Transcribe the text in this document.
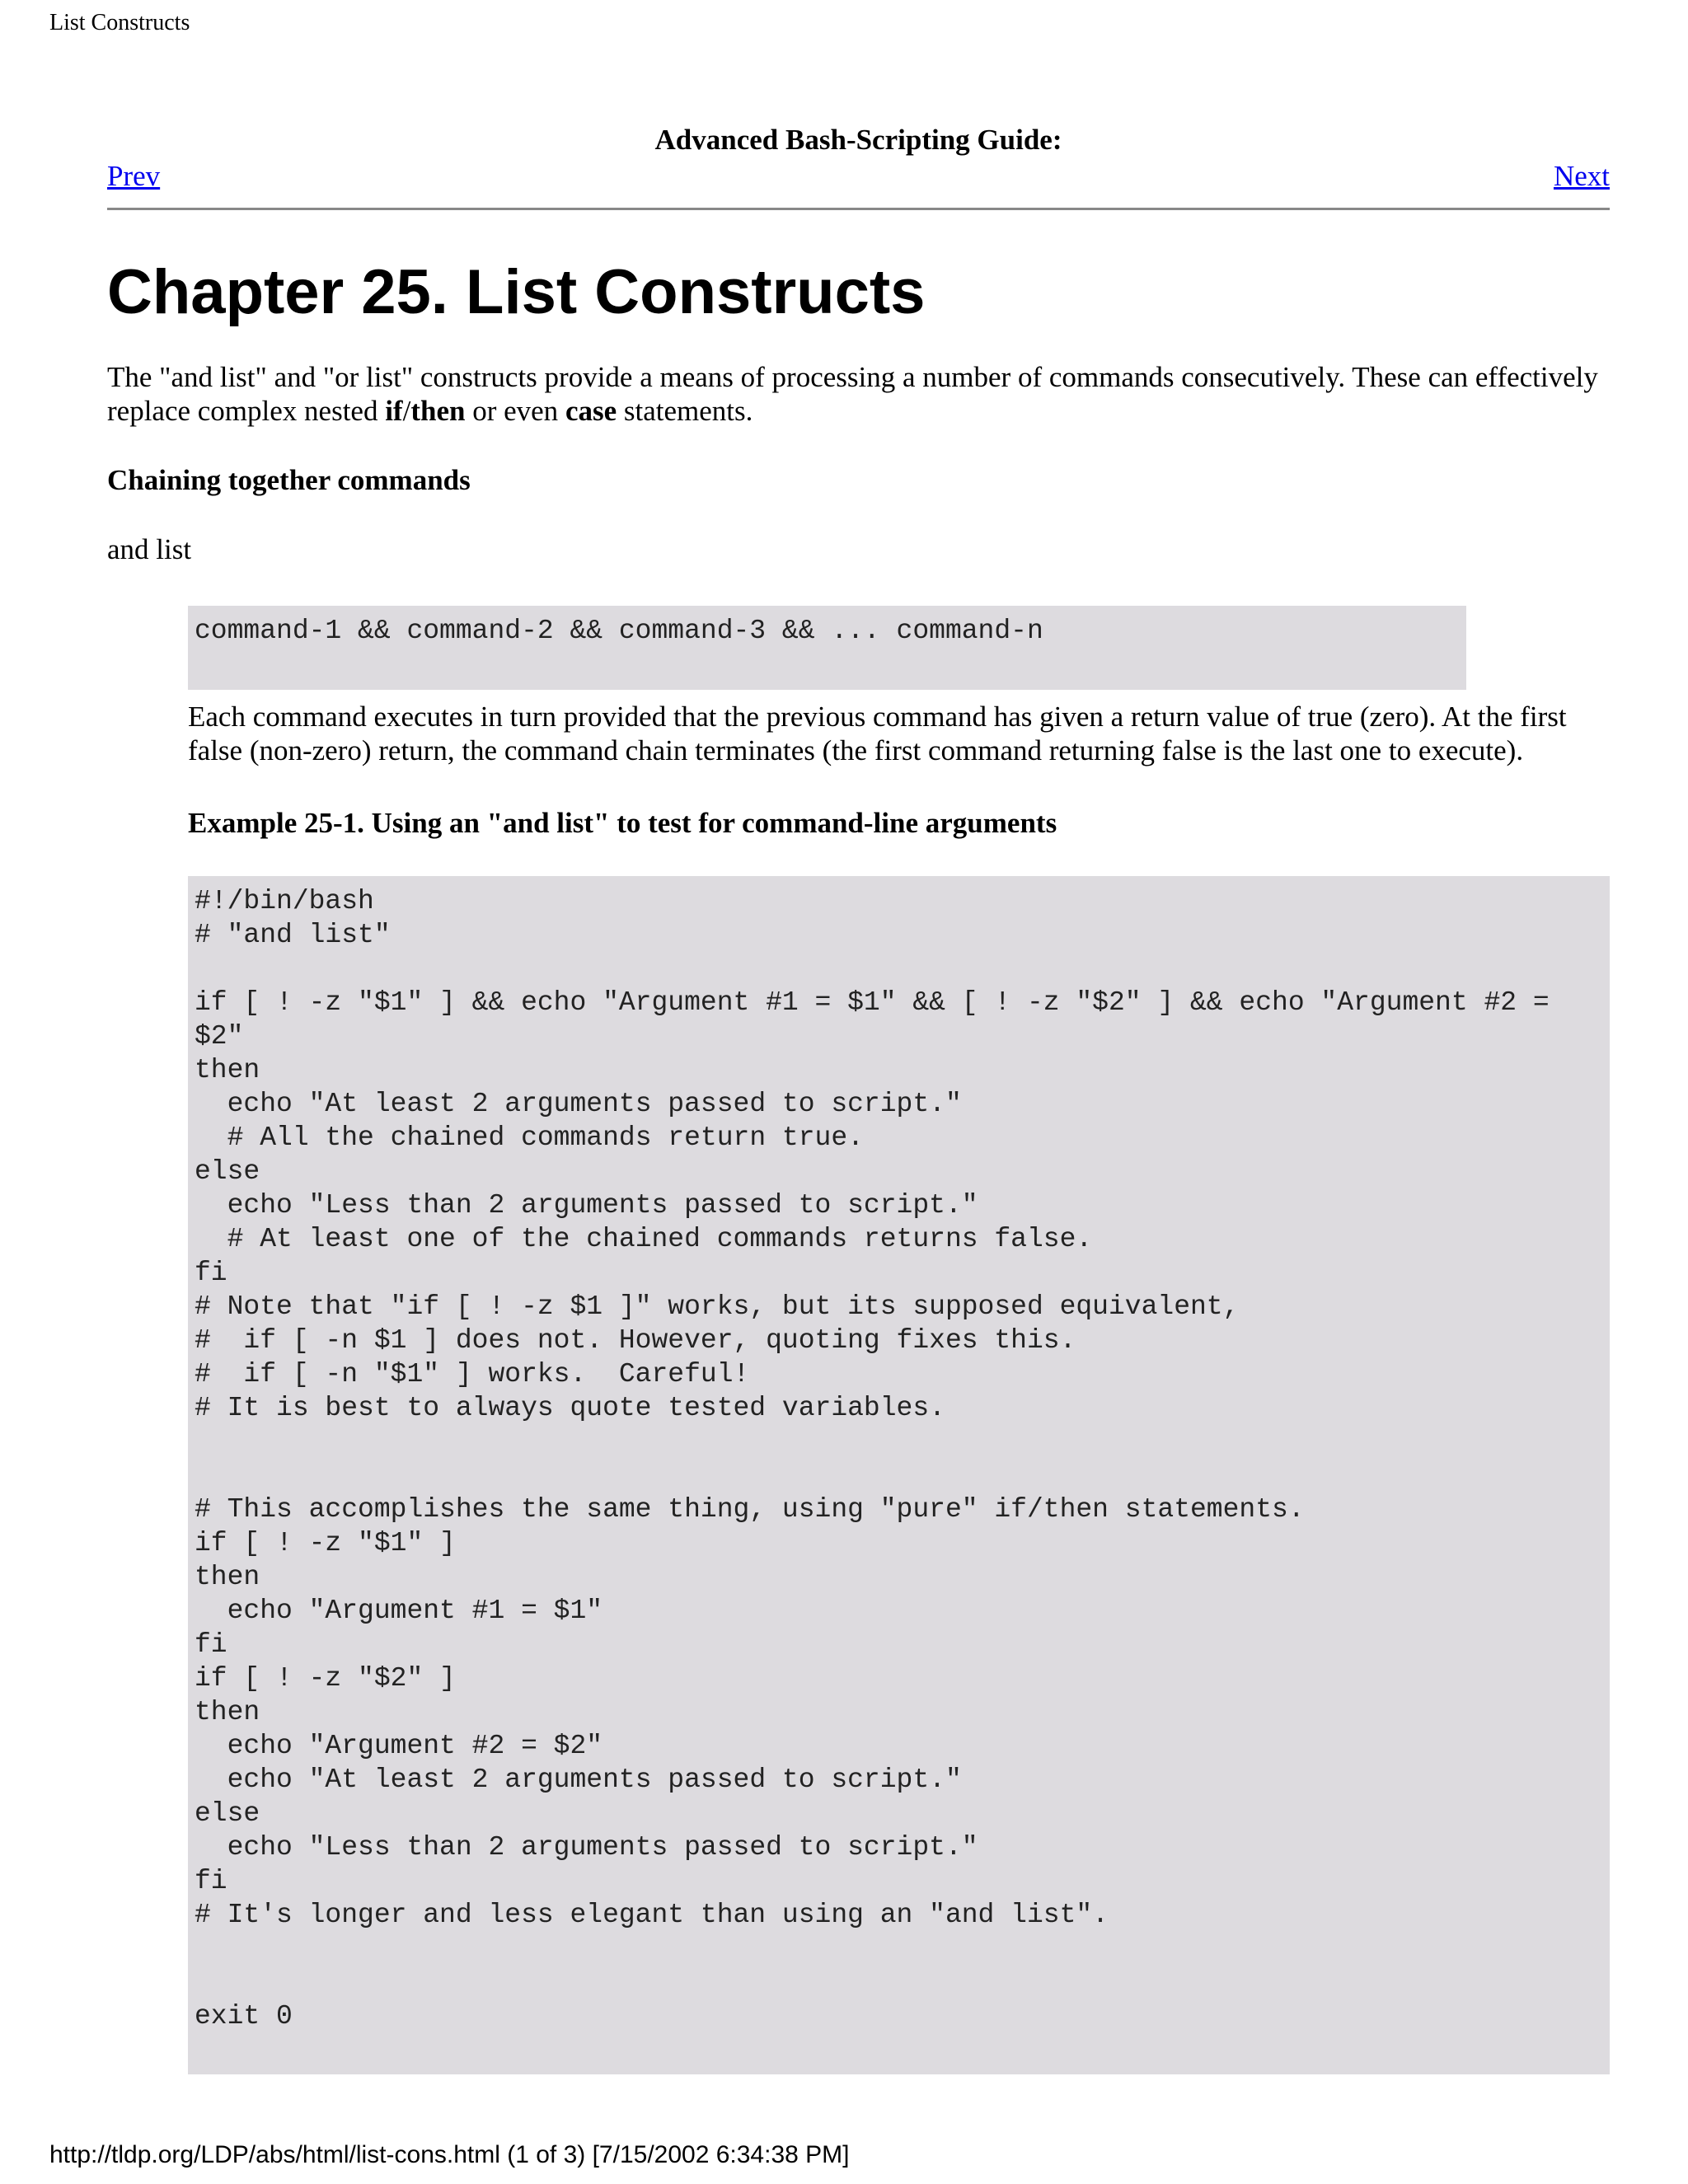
List Constructs
Advanced Bash-Scripting Guide:
Prev	Next
Chapter 25. List Constructs

The "and list" and "or list" constructs provide a means of processing a number of commands consecutively. These can effectively replace complex nested if/then or even case statements.

Chaining together commands
and list
command-1 && command-2 && command-3 && ... command-n

Each command executes in turn provided that the previous command has given a return value of true (zero). At the first false (non-zero) return, the command chain terminates (the first command returning false is the last one to execute).

Example 25-1. Using an "and list" to test for command-line arguments
#!/bin/bash
# "and list"

if [ ! -z "$1" ] && echo "Argument #1 = $1" && [ ! -z "$2" ] && echo "Argument #2 = $2"
then
echo "At least 2 arguments passed to script."
# All the chained commands return true.
else
echo "Less than 2 arguments passed to script."
# At least one of the chained commands returns false.
fi
# Note that "if [ ! -z $1 ]" works, but its supposed equivalent,
#  if [ -n $1 ] does not. However, quoting fixes this.
#  if [ -n "$1" ] works.  Careful!
# It is best to always quote tested variables.

# This accomplishes the same thing, using "pure" if/then statements.
if [ ! -z "$1" ]
then
echo "Argument #1 = $1"
fi
if [ ! -z "$2" ]
then
echo "Argument #2 = $2"
echo "At least 2 arguments passed to script."
else
echo "Less than 2 arguments passed to script."
fi
# It's longer and less elegant than using an "and list".

exit 0
http://tldp.org/LDP/abs/html/list-cons.html (1 of 3) [7/15/2002 6:34:38 PM]
